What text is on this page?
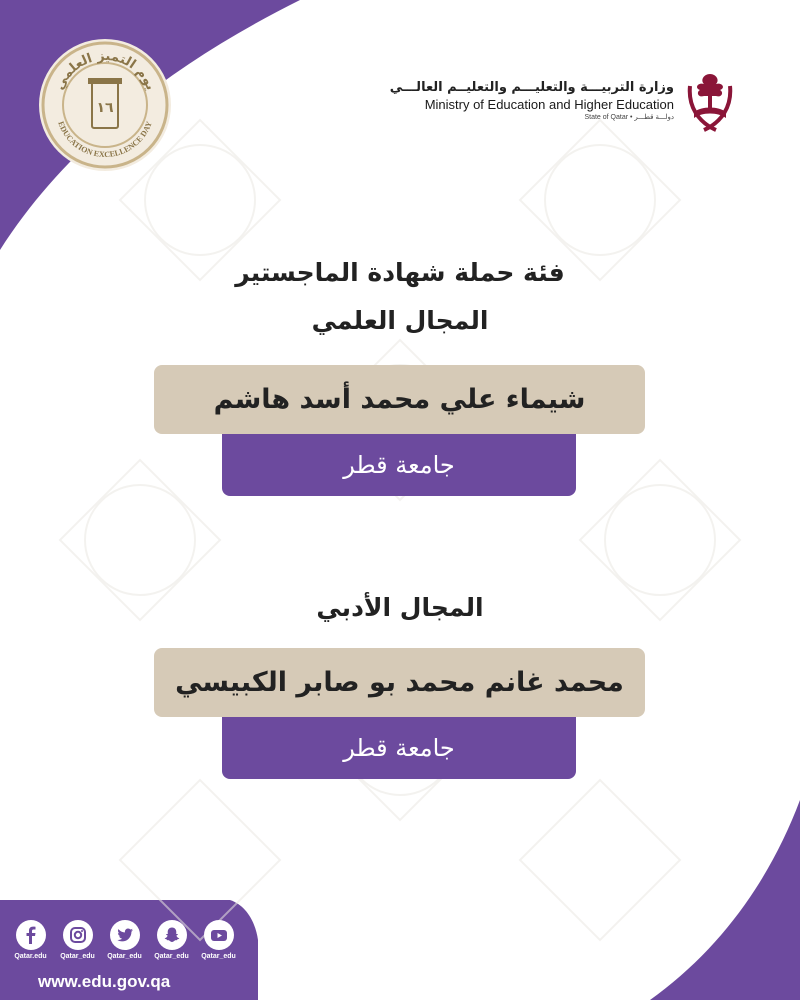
يوم التميز العلمي
EDUCATION EXCELLENCE DAY
١٦
وزارة التربيـــة والتعليـــم والتعليــم العالـــي
Ministry of Education and Higher Education
State of Qatar • دولـــة قطـــر
فئة حملة شهادة الماجستير
المجال العلمي
المجال الأدبي
شيماء علي محمد أسد هاشم
جامعة قطر
محمد غانم محمد بو صابر الكبيسي
جامعة قطر
Qatar.edu Qatar_edu Qatar_edu Qatar_edu Qatar_edu
www.edu.gov.qa
